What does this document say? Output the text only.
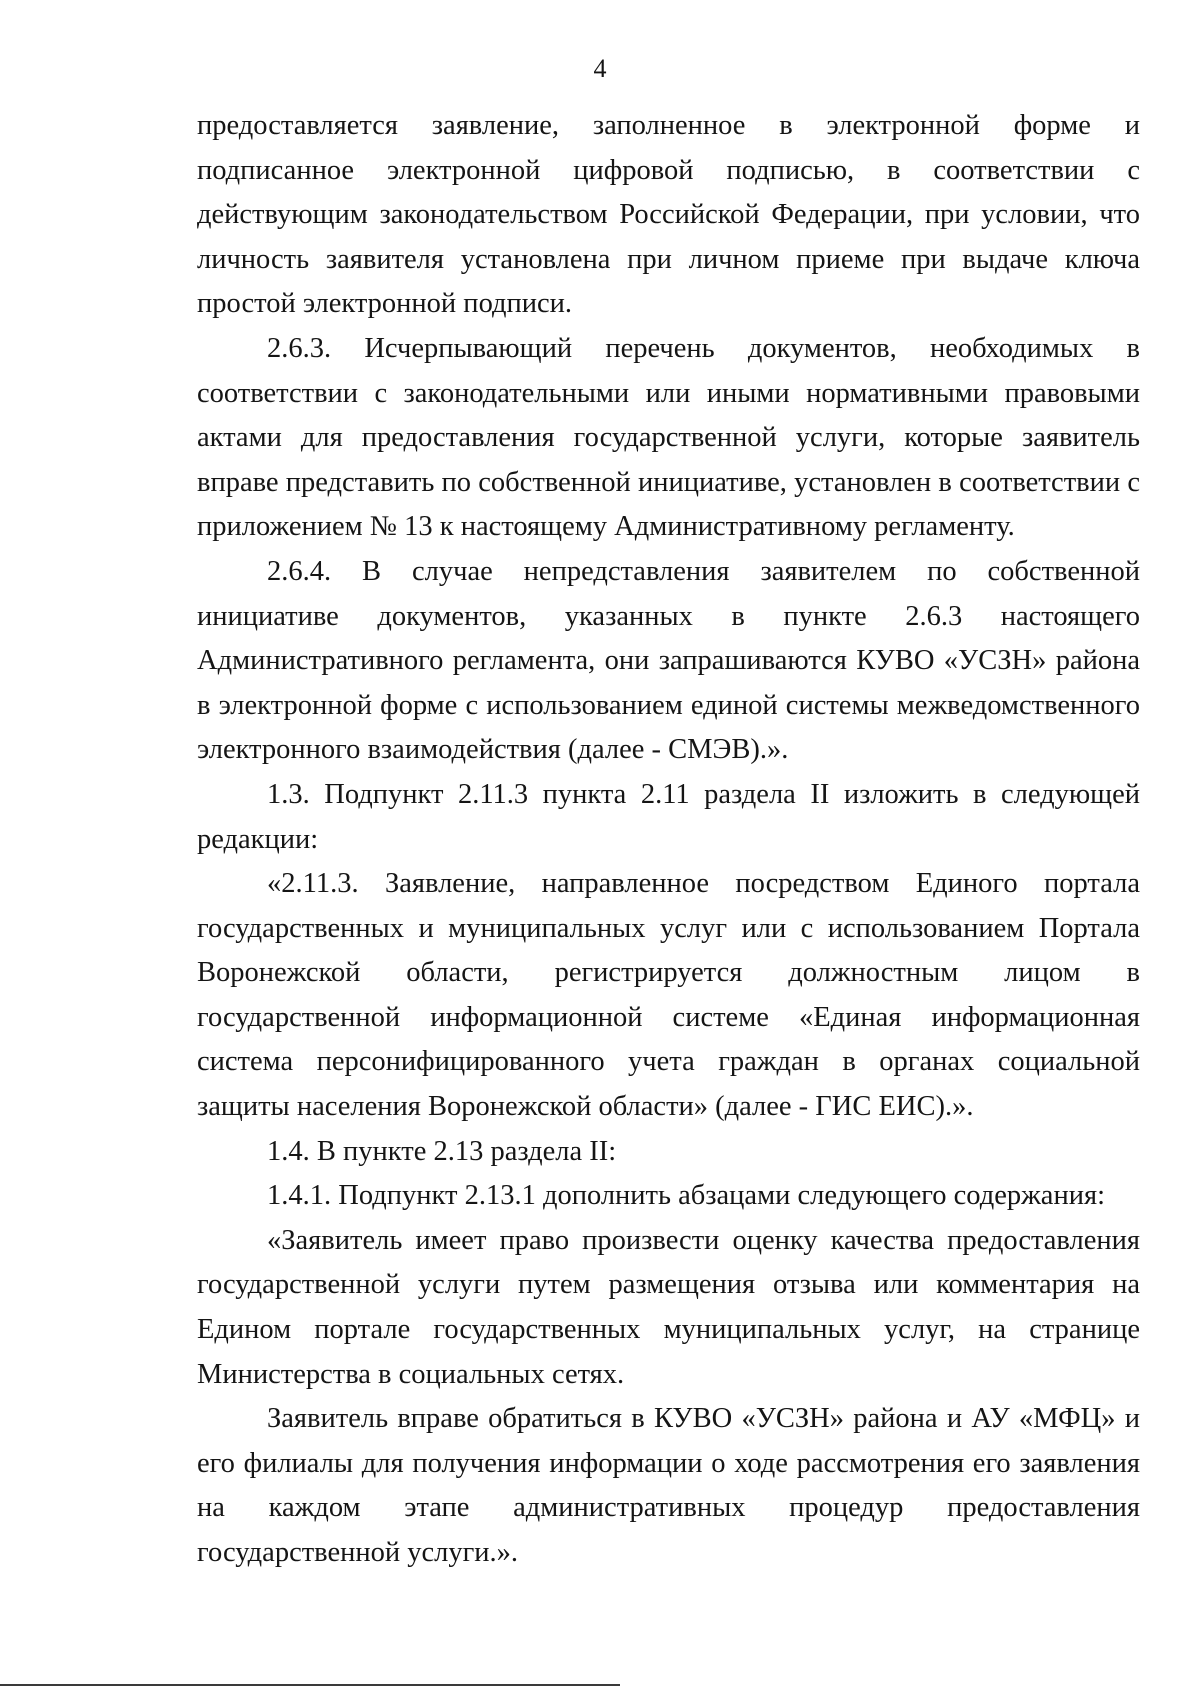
4

предоставляется заявление, заполненное в электронной форме и подписанное электронной цифровой подписью, в соответствии с действующим законодательством Российской Федерации, при условии, что личность заявителя установлена при личном приеме при выдаче ключа простой электронной подписи.

2.6.3. Исчерпывающий перечень документов, необходимых в соответствии с законодательными или иными нормативными правовыми актами для предоставления государственной услуги, которые заявитель вправе представить по собственной инициативе, установлен в соответствии с приложением № 13 к настоящему Административному регламенту.

2.6.4. В случае непредставления заявителем по собственной инициативе документов, указанных в пункте 2.6.3 настоящего Административного регламента, они запрашиваются КУВО «УСЗН» района в электронной форме с использованием единой системы межведомственного электронного взаимодействия (далее - СМЭВ).».

1.3. Подпункт 2.11.3 пункта 2.11 раздела II изложить в следующей редакции:

«2.11.3. Заявление, направленное посредством Единого портала государственных и муниципальных услуг или с использованием Портала Воронежской области, регистрируется должностным лицом в государственной информационной системе «Единая информационная система персонифицированного учета граждан в органах социальной защиты населения Воронежской области» (далее - ГИС ЕИС).».

1.4. В пункте 2.13 раздела II:

1.4.1. Подпункт 2.13.1 дополнить абзацами следующего содержания:

«Заявитель имеет право произвести оценку качества предоставления государственной услуги путем размещения отзыва или комментария на Едином портале государственных муниципальных услуг, на странице Министерства в социальных сетях.

Заявитель вправе обратиться в КУВО «УСЗН» района и АУ «МФЦ» и его филиалы для получения информации о ходе рассмотрения его заявления на каждом этапе административных процедур предоставления государственной услуги.».
